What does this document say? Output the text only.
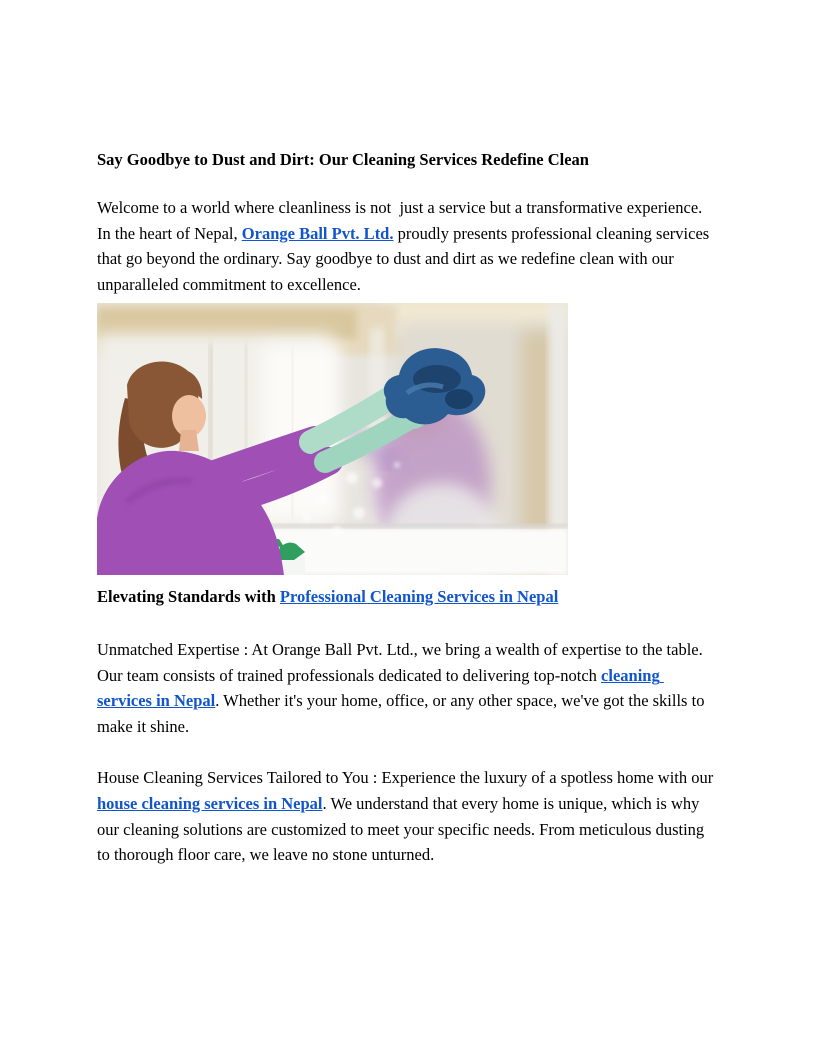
Say Goodbye to Dust and Dirt: Our Cleaning Services Redefine Clean

Welcome to a world where cleanliness is not  just a service but a transformative experience. In the heart of Nepal, Orange Ball Pvt. Ltd. proudly presents professional cleaning services that go beyond the ordinary. Say goodbye to dust and dirt as we redefine clean with our unparalleled commitment to excellence.

Elevating Standards with Professional Cleaning Services in Nepal

Unmatched Expertise : At Orange Ball Pvt. Ltd., we bring a wealth of expertise to the table. Our team consists of trained professionals dedicated to delivering top-notch cleaning services in Nepal. Whether it's your home, office, or any other space, we've got the skills to make it shine.

House Cleaning Services Tailored to You : Experience the luxury of a spotless home with our house cleaning services in Nepal. We understand that every home is unique, which is why our cleaning solutions are customized to meet your specific needs. From meticulous dusting to thorough floor care, we leave no stone unturned.
